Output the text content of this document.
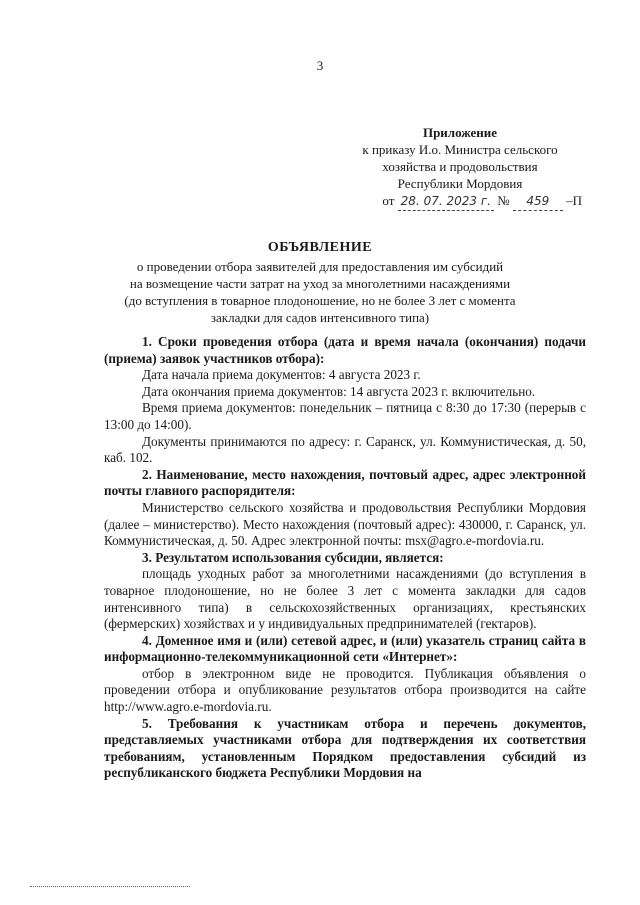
3
Приложение
к приказу И.о. Министра сельского
хозяйства и продовольствия
Республики Мордовия
от 28. 07. 2023 г. № 459 –П
ОБЪЯВЛЕНИЕ
о проведении отбора заявителей для предоставления им субсидий
на возмещение части затрат на уход за многолетними насаждениями
(до вступления в товарное плодоношение, но не более 3 лет с момента
закладки для садов интенсивного типа)

1. Сроки проведения отбора (дата и время начала (окончания) подачи (приема) заявок участников отбора):

Дата начала приема документов: 4 августа 2023 г.

Дата окончания приема документов: 14 августа 2023 г. включительно.

Время приема документов: понедельник – пятница с 8:30 до 17:30 (перерыв с 13:00 до 14:00).

Документы принимаются по адресу: г. Саранск, ул. Коммунистическая, д. 50, каб. 102.

2. Наименование, место нахождения, почтовый адрес, адрес электронной почты главного распорядителя:

Министерство сельского хозяйства и продовольствия Республики Мордовия (далее – министерство). Место нахождения (почтовый адрес): 430000, г. Саранск, ул. Коммунистическая, д. 50. Адрес электронной почты: msx@agro.e-mordovia.ru.

3. Результатом использования субсидии, является:

площадь уходных работ за многолетними насаждениями (до вступления в товарное плодоношение, но не более 3 лет с момента закладки для садов интенсивного типа) в сельскохозяйственных организациях, крестьянских (фермерских) хозяйствах и у индивидуальных предпринимателей (гектаров).

4. Доменное имя и (или) сетевой адрес, и (или) указатель страниц сайта в информационно-телекоммуникационной сети «Интернет»:

отбор в электронном виде не проводится. Публикация объявления о проведении отбора и опубликование результатов отбора производится на сайте http://www.agro.e-mordovia.ru.

5. Требования к участникам отбора и перечень документов, представляемых участниками отбора для подтверждения их соответствия требованиям, установленным Порядком предоставления субсидий из республиканского бюджета Республики Мордовия на
